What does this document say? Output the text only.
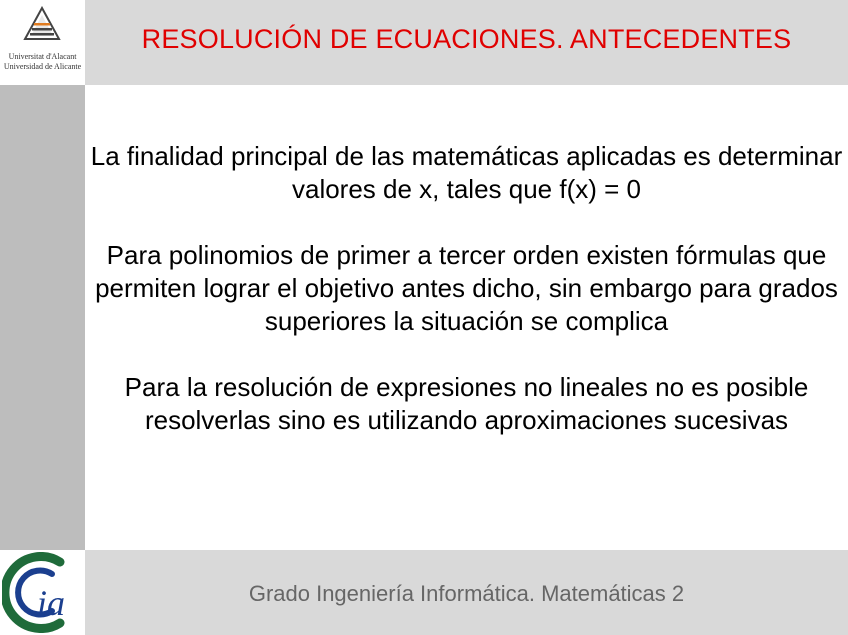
Universitat d'Alacant
Universidad de Alicante
RESOLUCIÓN DE ECUACIONES. ANTECEDENTES

La finalidad principal de las matemáticas aplicadas es determinar valores de x, tales que f(x) = 0

Para polinomios de primer a tercer orden existen fórmulas que permiten lograr el objetivo antes dicho, sin embargo para grados superiores la situación se complica

Para la resolución de expresiones no lineales no es posible resolverlas sino es utilizando aproximaciones sucesivas

ia	Grado Ingeniería Informática. Matemáticas 2
